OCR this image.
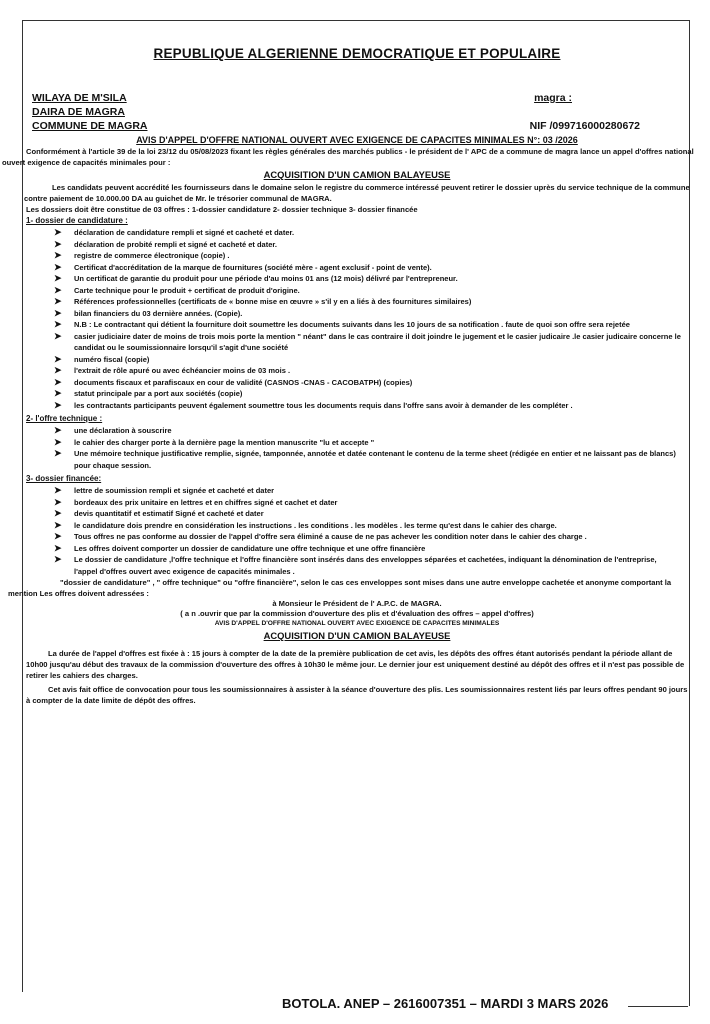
REPUBLIQUE ALGERIENNE DEMOCRATIQUE ET POPULAIRE
WILAYA DE M'SILA	magra :
DAIRA DE MAGRA
COMMUNE DE MAGRA	NIF /099716000280672
AVIS D'APPEL D'OFFRE NATIONAL OUVERT AVEC EXIGENCE DE CAPACITES MINIMALES N°: 03 /2026

Conformément à l'article 39 de la loi 23/12 du 05/08/2023 fixant les règles générales des marchés publics - le président de l' APC de a commune de magra lance un appel d'offres national ouvert exigence de capacités minimales pour :

ACQUISITION D'UN CAMION BALAYEUSE

Les candidats peuvent accrédité les fournisseurs dans le domaine selon le registre du commerce intéressé peuvent retirer le dossier uprès du service technique de la commune contre paiement de 10.000.00 DA au guichet de Mr. le trésorier communal de MAGRA.

Les dossiers doit être constitue de 03 offres : 1-dossier candidature 2- dossier technique 3- dossier financée

1- dossier de candidature :
➤ déclaration de candidature rempli et signé et cacheté et dater.
➤ déclaration de probité rempli et signé et cacheté et dater.
➤ registre de commerce électronique (copie) .
➤ Certificat d'accréditation de la marque de fournitures (société mère - agent exclusif - point de vente).
➤ Un certificat de garantie du produit pour une période d'au moins 01 ans (12 mois) délivré par l'entrepreneur.
➤ Carte technique pour le produit + certificat de produit d'origine.
➤ Références professionnelles (certificats de « bonne mise en œuvre » s'il y en a liés à des fournitures similaires)
➤ bilan financiers du 03 dernière années. (Copie).
➤ N.B : Le contractant qui détient la fourniture doit soumettre les documents suivants dans les 10 jours de sa notification . faute de quoi son offre sera rejetée
➤ casier judiciaire dater de moins de trois mois porte la mention " néant" dans le cas contraire il doit joindre le jugement et le casier judicaire .le casier judicaire concerne le candidat ou le soumissionnaire lorsqu'il s'agit d'une société
➤ numéro fiscal (copie)
➤ l'extrait de rôle apuré ou avec échéancier moins de 03 mois .
➤ documents fiscaux et parafiscaux en cour de validité (CASNOS -CNAS - CACOBATPH) (copies)
➤ statut principale par a port aux sociétés (copie)
➤ les contractants participants peuvent également soumettre tous les documents requis dans l'offre sans avoir à demander de les compléter .
2- l'offre technique :
➤ une déclaration à souscrire
➤ le cahier des charger porte à la dernière page la mention manuscrite "lu et accepte "
➤ Une mémoire technique justificative remplie, signée, tamponnée, annotée et datée contenant le contenu de la terme sheet (rédigée en entier et ne laissant pas de blancs) pour chaque session.
3- dossier financée:
➤ lettre de soumission rempli et signée et cacheté et dater
➤ bordeaux des prix unitaire en lettres et en chiffres signé et cachet et dater
➤ devis quantitatif et estimatif Signé et cacheté et dater
➤ le candidature dois prendre en considération les instructions . les conditions . les modèles . les terme qu'est dans le cahier des charge.
➤ Tous offres ne pas conforme au dossier de l'appel d'offre sera éliminé a cause de ne pas achever les condition noter dans le cahier des charge .
➤ Les offres doivent comporter un dossier de candidature une offre technique et une offre financière
➤ Le dossier de candidature ,l'offre technique et l'offre financière sont insérés dans des enveloppes séparées et cachetées, indiquant la dénomination de l'entreprise, l'appel d'offres ouvert avec exigence de capacités minimales .

"dossier de candidature" , " offre technique" ou "offre financière", selon le cas ces enveloppes sont mises dans une autre enveloppe cachetée et anonyme comportant la mention Les offres doivent adressées :

à Monsieur le Président de l' A.P.C. de MAGRA.
( a n .ouvrir que par la commission d'ouverture des plis et d'évaluation des offres – appel d'offres)
AVIS D'APPEL D'OFFRE NATIONAL OUVERT AVEC EXIGENCE DE CAPACITES MINIMALES
ACQUISITION D'UN CAMION BALAYEUSE

La durée de l'appel d'offres est fixée à : 15 jours à compter de la date de la première publication de cet avis, les dépôts des offres étant autorisés pendant la période allant de 10h00 jusqu'au début des travaux de la commission d'ouverture des offres à 10h30 le même jour. Le dernier jour est uniquement destiné au dépôt des offres et il n'est pas possible de retirer les cahiers des charges.

Cet avis fait office de convocation pour tous les soumissionnaires à assister à la séance d'ouverture des plis. Les soumissionnaires restent liés par leurs offres pendant 90 jours à compter de la date limite de dépôt des offres.

BOTOLA. ANEP – 2616007351 – MARDI 3 MARS 2026
